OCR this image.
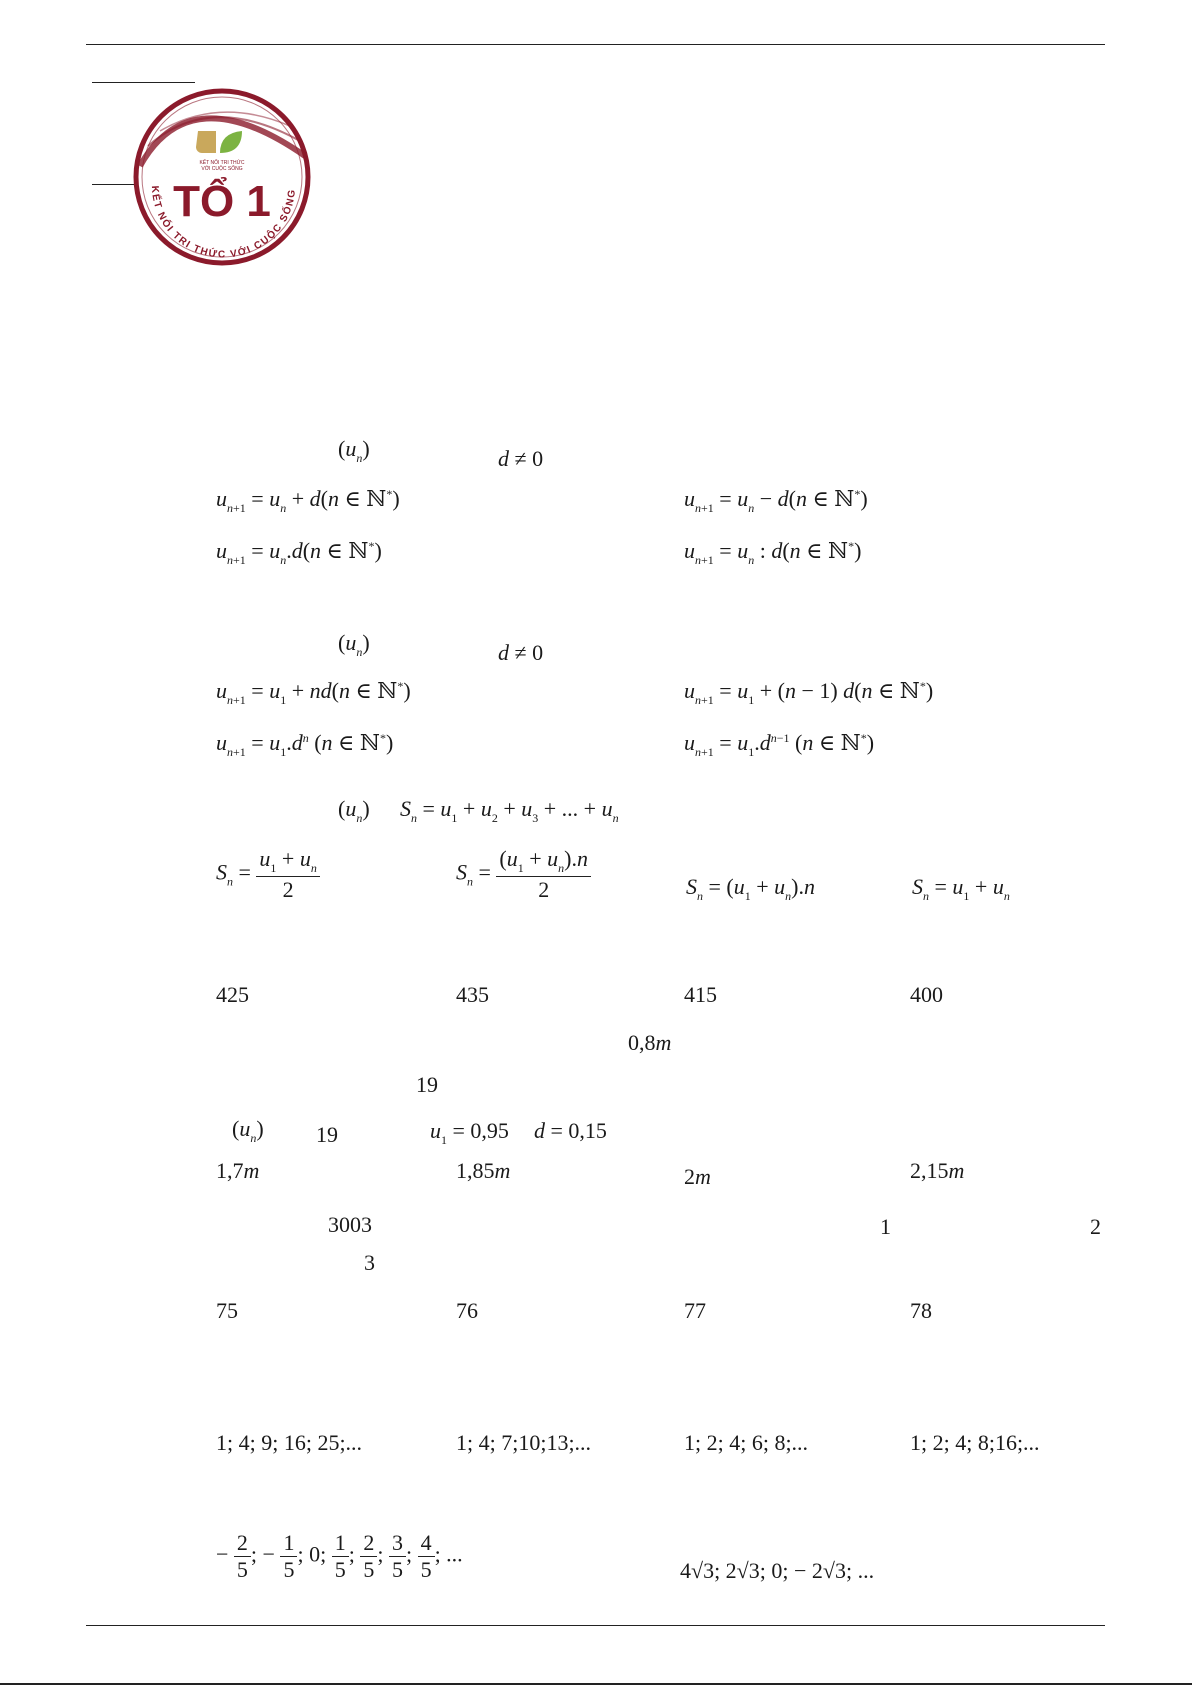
KẾT NỐI TRI THỨC
VỚI CUỘC SỐNG
TỔ 1
KẾT NỐI TRI THỨC VỚI CUỘC SỐNG
$(u_n)$	d ≠ 0
$u_{n+1} = u_n + d(n$ ∈ ℕ*)	$u_{n+1} = u_n - d(n$ ∈ ℕ*)
$u_{n+1} = u_n.d(n$ ∈ ℕ*)	$u_{n+1} = u_n$ : d(n ∈ ℕ*)
$(u_n)$	d ≠ 0
$u_{n+1} = u_1 + nd(n$ ∈ ℕ*)	$u_{n+1} = u_1 + (n - 1)$ d(n ∈ ℕ*)
$u_{n+1} = u_1.d^n$ (n ∈ ℕ*)	$u_{n+1} = u_1.d^{n-1}$ (n ∈ ℕ*)
$(u_n) S_n = u_1 + u_2 + u_3$ + ... + $u_n$
$S_n = \frac{u_1 + u_n}{2}$	$S_n = \frac{(u_1 + u_n).n}{2}$	$S_n = (u_1 + u_n).n$	$S_n = u_1 + u_n$
425	435	415	400
0,8m
19
$(u_n)$ 19	$u_1 = 0,95$ d = 0,15
1,7m	1,85m	2m	2,15m
3003	1	2
3
75	76	77	78
1; 4; 9; 16; 25;...	1; 4; 7;10;13;...	1; 2; 4; 6; 8;...	1; 2; 4; 8;16;...
− $\frac{2}{5}$ ; − $\frac{1}{5}$ ; 0; $\frac{1}{5}$ ; $\frac{2}{5}$ ; $\frac{3}{5}$ ; $\frac{4}{5}$ ; ...
4√3; 2√3; 0; − 2√3; ...
